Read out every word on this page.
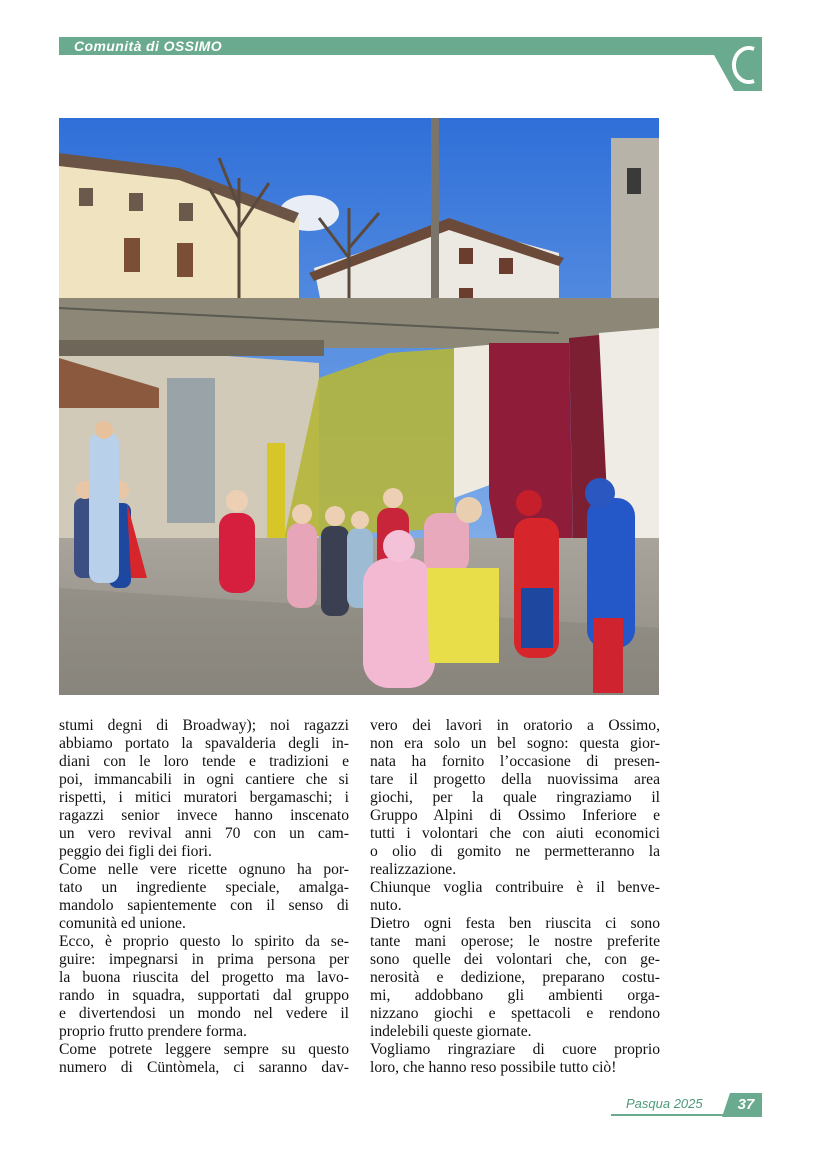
Comunità di OSSIMO

stumi degni di Broadway); noi ragazzi

abbiamo portato la spavalderia degli in-

diani con le loro tende e tradizioni e

poi, immancabili in ogni cantiere che si

rispetti, i mitici muratori bergamaschi; i

ragazzi senior invece hanno inscenato

un vero revival anni 70 con un cam-

peggio dei figli dei fiori.

Come nelle vere ricette ognuno ha por-

tato un ingrediente speciale, amalga-

mandolo sapientemente con il senso di

comunità ed unione.

Ecco, è proprio questo lo spirito da se-

guire: impegnarsi in prima persona per

la buona riuscita del progetto ma lavo-

rando in squadra, supportati dal gruppo

e divertendosi un mondo nel vedere il

proprio frutto prendere forma.

Come potrete leggere sempre su questo

numero di Cüntòmela, ci saranno dav-

vero dei lavori in oratorio a Ossimo,

non era solo un bel sogno: questa gior-

nata ha fornito l’occasione di presen-

tare il progetto della nuovissima area

giochi, per la quale ringraziamo il

Gruppo Alpini di Ossimo Inferiore e

tutti i volontari che con aiuti economici

o olio di gomito ne permetteranno la

realizzazione.

Chiunque voglia contribuire è il benve-

nuto.

Dietro ogni festa ben riuscita ci sono

tante mani operose; le nostre preferite

sono quelle dei volontari che, con ge-

nerosità e dedizione, preparano costu-

mi, addobbano gli ambienti orga-

nizzano giochi e spettacoli e rendono

indelebili queste giornate.

Vogliamo ringraziare di cuore proprio

loro, che hanno reso possibile tutto ciò!

Pasqua 2025	37
